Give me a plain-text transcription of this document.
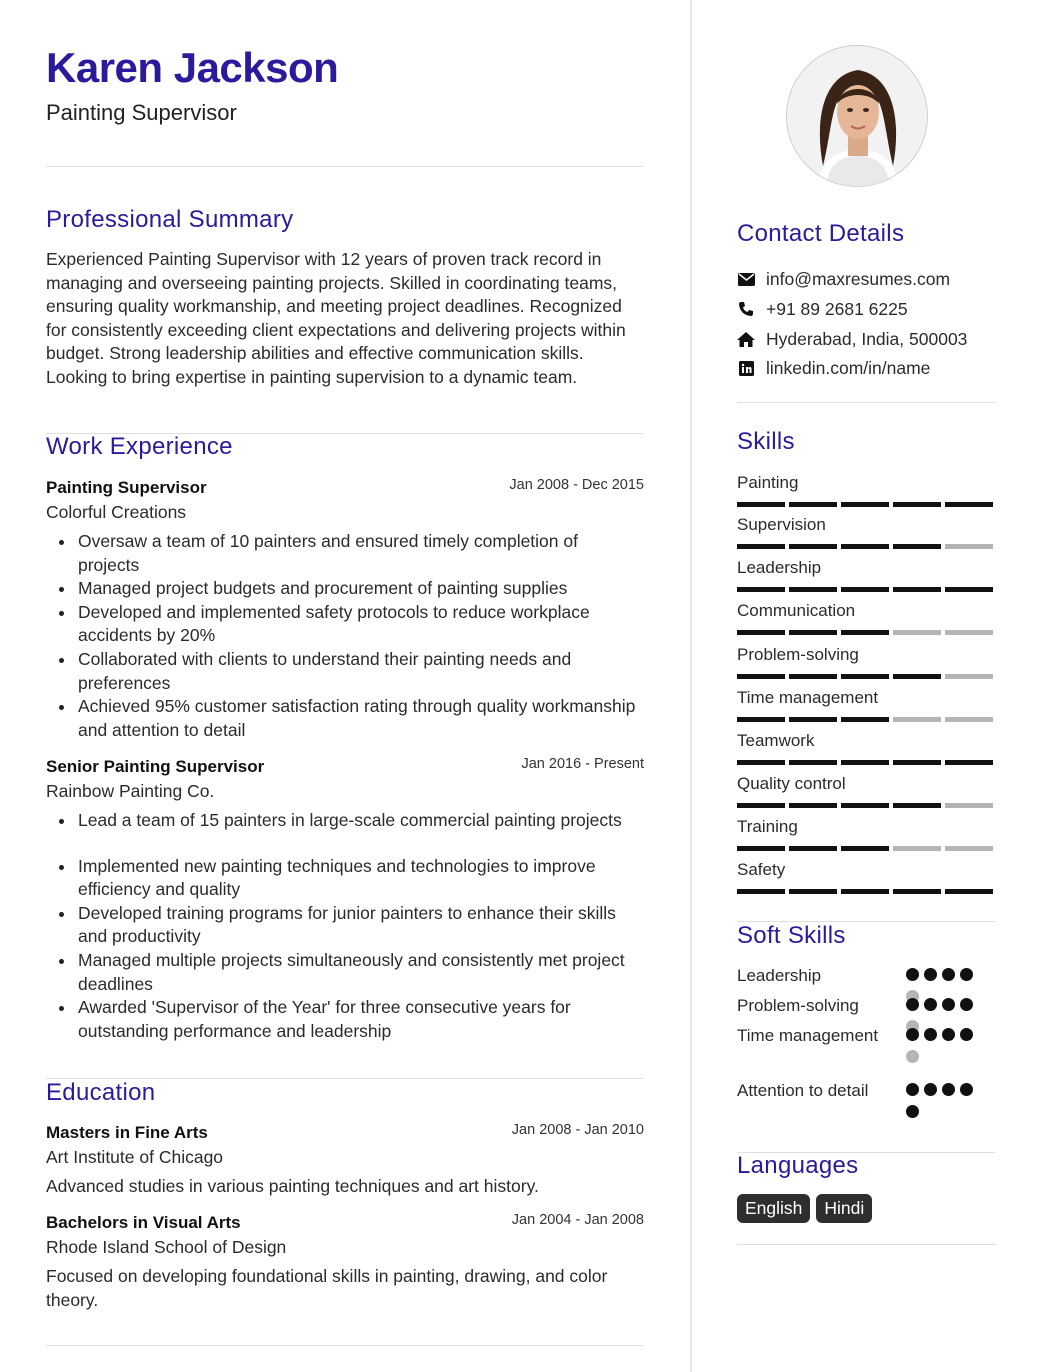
Karen Jackson
Painting Supervisor
Professional Summary
Experienced Painting Supervisor with 12 years of proven track record in managing and overseeing painting projects. Skilled in coordinating teams, ensuring quality workmanship, and meeting project deadlines. Recognized for consistently exceeding client expectations and delivering projects within budget. Strong leadership abilities and effective communication skills. Looking to bring expertise in painting supervision to a dynamic team.
Work Experience
Painting Supervisor	Jan 2008 - Dec 2015
Colorful Creations
Oversaw a team of 10 painters and ensured timely completion of projects
Managed project budgets and procurement of painting supplies
Developed and implemented safety protocols to reduce workplace accidents by 20%
Collaborated with clients to understand their painting needs and preferences
Achieved 95% customer satisfaction rating through quality workmanship and attention to detail
Senior Painting Supervisor	Jan 2016 - Present
Rainbow Painting Co.
Lead a team of 15 painters in large-scale commercial painting projects
Implemented new painting techniques and technologies to improve efficiency and quality
Developed training programs for junior painters to enhance their skills and productivity
Managed multiple projects simultaneously and consistently met project deadlines
Awarded 'Supervisor of the Year' for three consecutive years for outstanding performance and leadership
Education
Masters in Fine Arts	Jan 2008 - Jan 2010
Art Institute of Chicago
Advanced studies in various painting techniques and art history.
Bachelors in Visual Arts	Jan 2004 - Jan 2008
Rhode Island School of Design
Focused on developing foundational skills in painting, drawing, and color theory.
Contact Details
info@maxresumes.com
+91 89 2681 6225
Hyderabad, India, 500003
linkedin.com/in/name
Skills
Painting
Supervision
Leadership
Communication
Problem-solving
Time management
Teamwork
Quality control
Training
Safety
Soft Skills
Leadership
Problem-solving
Time management
Attention to detail
Languages
English	Hindi
